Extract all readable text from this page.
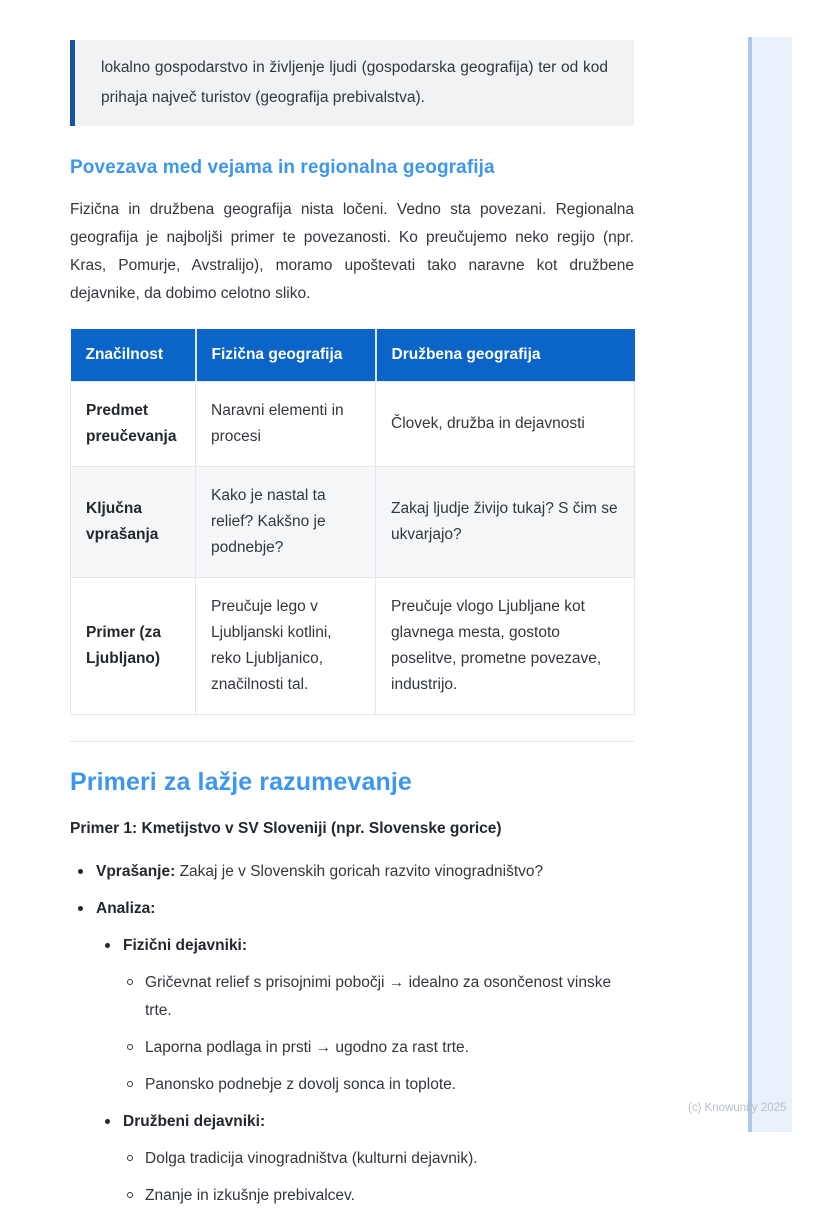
lokalno gospodarstvo in življenje ljudi (gospodarska geografija) ter od kod prihaja največ turistov (geografija prebivalstva).
Povezava med vejama in regionalna geografija
Fizična in družbena geografija nista ločeni. Vedno sta povezani. Regionalna geografija je najboljši primer te povezanosti. Ko preučujemo neko regijo (npr. Kras, Pomurje, Avstralijo), moramo upoštevati tako naravne kot družbene dejavnike, da dobimo celotno sliko.
Značilnost	Fizična geografija	Družbena geografija
Predmet preučevanja	Naravni elementi in procesi	Človek, družba in dejavnosti
Ključna vprašanja	Kako je nastal ta relief? Kakšno je podnebje?	Zakaj ljudje živijo tukaj? S čim se ukvarjajo?
Primer (za Ljubljano)	Preučuje lego v Ljubljanski kotlini, reko Ljubljanico, značilnosti tal.	Preučuje vlogo Ljubljane kot glavnega mesta, gostoto poselitve, prometne povezave, industrijo.
Primeri za lažje razumevanje
Primer 1: Kmetijstvo v SV Sloveniji (npr. Slovenske gorice)
Vprašanje: Zakaj je v Slovenskih goricah razvito vinogradništvo?
Analiza:
Fizični dejavniki:
Gričevnat relief s prisojnimi pobočji → idealno za osončenost vinske trte.
Laporna podlaga in prsti → ugodno za rast trte.
Panonsko podnebje z dovolj sonca in toplote.
Družbeni dejavniki:
Dolga tradicija vinogradništva (kulturni dejavnik).
Znanje in izkušnje prebivalcev.
(c) Knowunity 2025
